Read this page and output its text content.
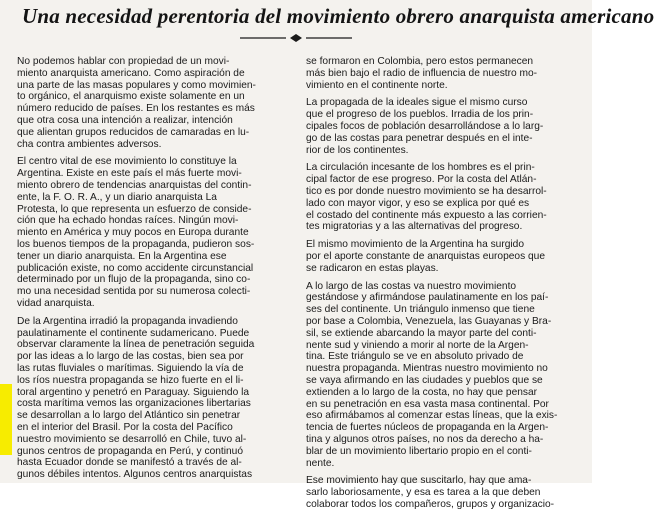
Una necesidad perentoria del movimiento obrero anarquista americano

No podemos hablar con propiedad de un movi-
miento anarquista americano. Como aspiración de
una parte de las masas populares y como movimien-
to orgánico, el anarquismo existe solamente en un
número reducido de países. En los restantes es más
que otra cosa una intención a realizar, intención
que alientan grupos reducidos de camaradas en lu-
cha contra ambientes adversos.

El centro vital de ese movimiento lo constituye la
Argentina. Existe en este país el más fuerte movi-
miento obrero de tendencias anarquistas del contin-
ente, la F. O. R. A., y un diario anarquista La
Protesta, lo que representa un esfuerzo de conside-
ción que ha echado hondas raíces. Ningún movi-
miento en América y muy pocos en Europa durante
los buenos tiempos de la propaganda, pudieron sos-
tener un diario anarquista. En la Argentina ese
publicación existe, no como accidente circunstancial
determinado por un flujo de la propaganda, sino co-
mo una necesidad sentida por su numerosa colecti-
vidad anarquista.

De la Argentina irradió la propaganda invadiendo
paulatinamente el continente sudamericano. Puede
observar claramente la línea de penetración seguida
por las ideas a lo largo de las costas, bien sea por
las rutas fluviales o marítimas. Siguiendo la vía de
los ríos nuestra propaganda se hizo fuerte en el li-
toral argentino y penetró en Paraguay. Siguiendo la
costa marítima vemos las organizaciones libertarias
se desarrollan a lo largo del Atlántico sin penetrar
en el interior del Brasil. Por la costa del Pacífico
nuestro movimiento se desarrolló en Chile, tuvo al-
gunos centros de propaganda en Perú, y continuó
hasta Ecuador donde se manifestó a través de al-
gunos débiles intentos. Algunos centros anarquistas

se formaron en Colombia, pero estos permanecen
más bien bajo el radio de influencia de nuestro mo-
vimiento en el continente norte.

La propagada de la ideales sigue el mismo curso
que el progreso de los pueblos. Irradia de los prin-
cipales focos de población desarrollándose a lo larg-
go de las costas para penetrar después en el inte-
rior de los continentes.

La circulación incesante de los hombres es el prin-
cipal factor de ese progreso. Por la costa del Atlán-
tico es por donde nuestro movimiento se ha desarrol-
lado con mayor vigor, y eso se explica por qué es
el costado del continente más expuesto a las corrien-
tes migratorias y a las alternativas del progreso.

El mismo movimiento de la Argentina ha surgido
por el aporte constante de anarquistas europeos que
se radicaron en estas playas.

A lo largo de las costas va nuestro movimiento
gestándose y afirmándose paulatinamente en los paí-
ses del continente. Un triángulo inmenso que tiene
por base a Colombia, Venezuela, las Guayanas y Bra-
sil, se extiende abarcando la mayor parte del conti-
nente sud y viniendo a morir al norte de la Argen-
tina. Este triángulo se ve en absoluto privado de
nuestra propaganda. Mientras nuestro movimiento no
se vaya afirmando en las ciudades y pueblos que se
extienden a lo largo de la costa, no hay que pensar
en su penetración en esa vasta masa continental. Por
eso afirmábamos al comenzar estas líneas, que la exis-
tencia de fuertes núcleos de propaganda en la Argen-
tina y algunos otros países, no nos da derecho a ha-
blar de un movimiento libertario propio en el conti-
nente.

Ese movimiento hay que suscitarlo, hay que ama-
sarlo laboriosamente, y esa es tarea a la que deben
colaborar todos los compañeros, grupos y organizacio-
